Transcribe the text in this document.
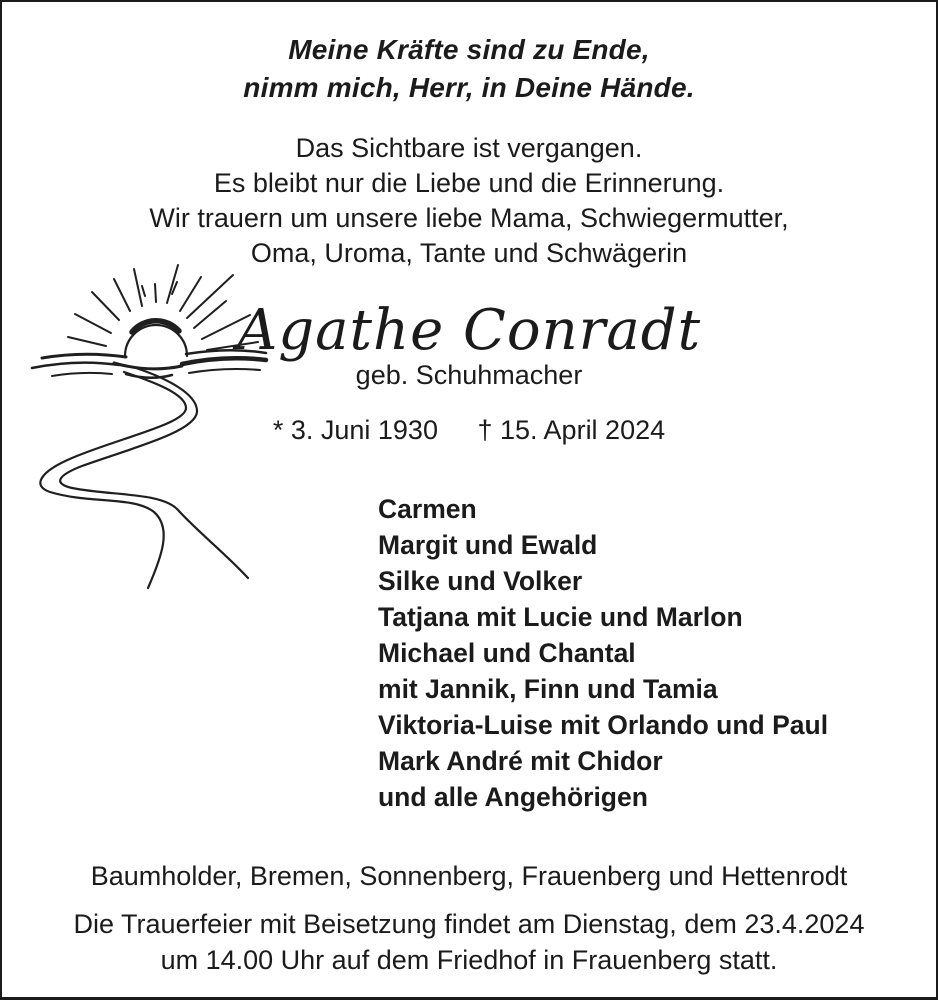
Meine Kräfte sind zu Ende,
nimm mich, Herr, in Deine Hände.
Das Sichtbare ist vergangen.
Es bleibt nur die Liebe und die Erinnerung.
Wir trauern um unsere liebe Mama, Schwiegermutter,
Oma, Uroma, Tante und Schwägerin
Agathe Conradt
geb. Schuhmacher
* 3. Juni 1930 † 15. April 2024
Carmen
Margit und Ewald
Silke und Volker
Tatjana mit Lucie und Marlon
Michael und Chantal
mit Jannik, Finn und Tamia
Viktoria-Luise mit Orlando und Paul
Mark André mit Chidor
und alle Angehörigen
Baumholder, Bremen, Sonnenberg, Frauenberg und Hettenrodt
Die Trauerfeier mit Beisetzung findet am Dienstag, dem 23.4.2024
um 14.00 Uhr auf dem Friedhof in Frauenberg statt.
